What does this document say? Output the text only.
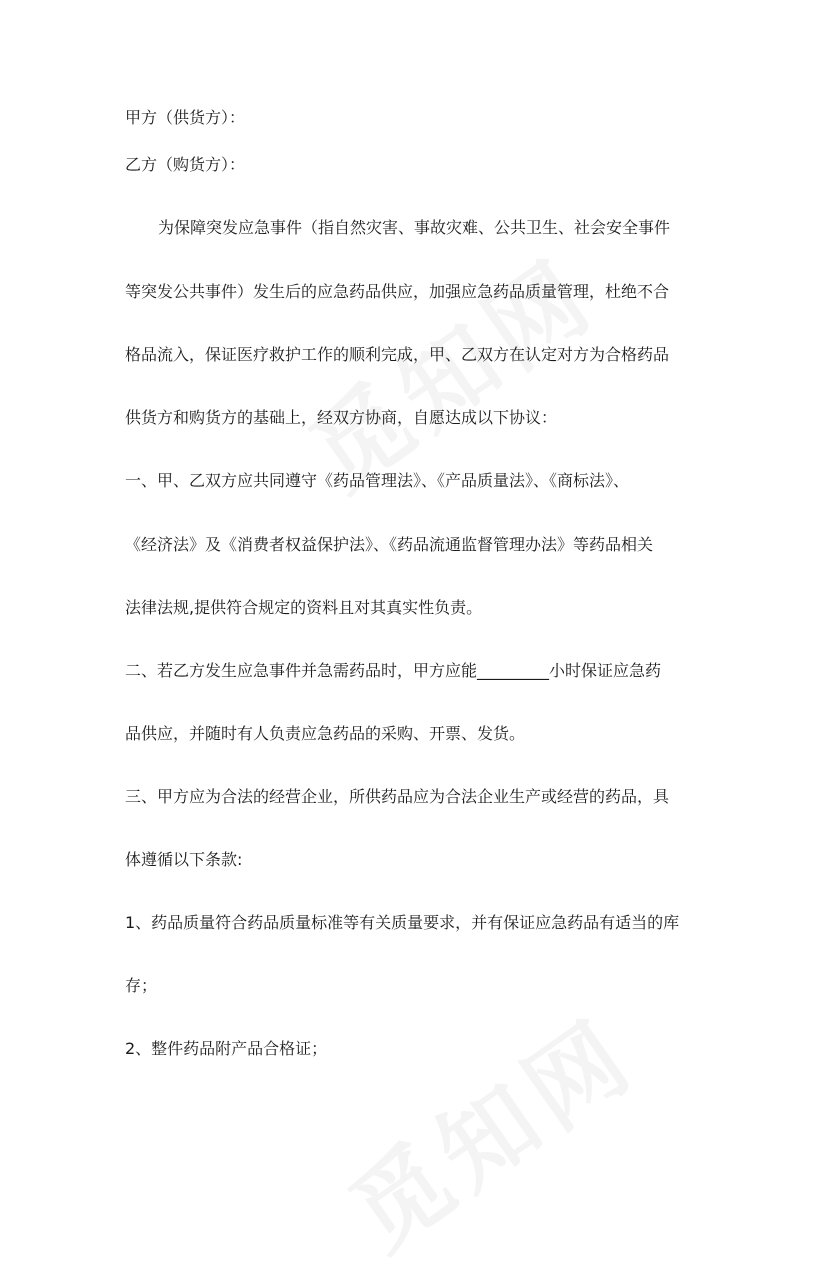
甲方（供货方）：
乙方（购货方）：
为保障突发应急事件（指自然灾害、事故灾难、公共卫生、社会安全事件
等突发公共事件）发生后的应急药品供应，加强应急药品质量管理，杜绝不合
格品流入，保证医疗救护工作的顺利完成，甲、乙双方在认定对方为合格药品
供货方和购货方的基础上，经双方协商，自愿达成以下协议：
一、甲、乙双方应共同遵守《药品管理法》、《产品质量法》、《商标法》、
《经济法》及《消费者权益保护法》、《药品流通监督管理办法》等药品相关
法律法规,提供符合规定的资料且对其真实性负责。
二、若乙方发生应急事件并急需药品时，甲方应能_________小时保证应急药
品供应，并随时有人负责应急药品的采购、开票、发货。
三、甲方应为合法的经营企业，所供药品应为合法企业生产或经营的药品，具
体遵循以下条款:
1、药品质量符合药品质量标准等有关质量要求，并有保证应急药品有适当的库
存；
2、整件药品附产品合格证；
